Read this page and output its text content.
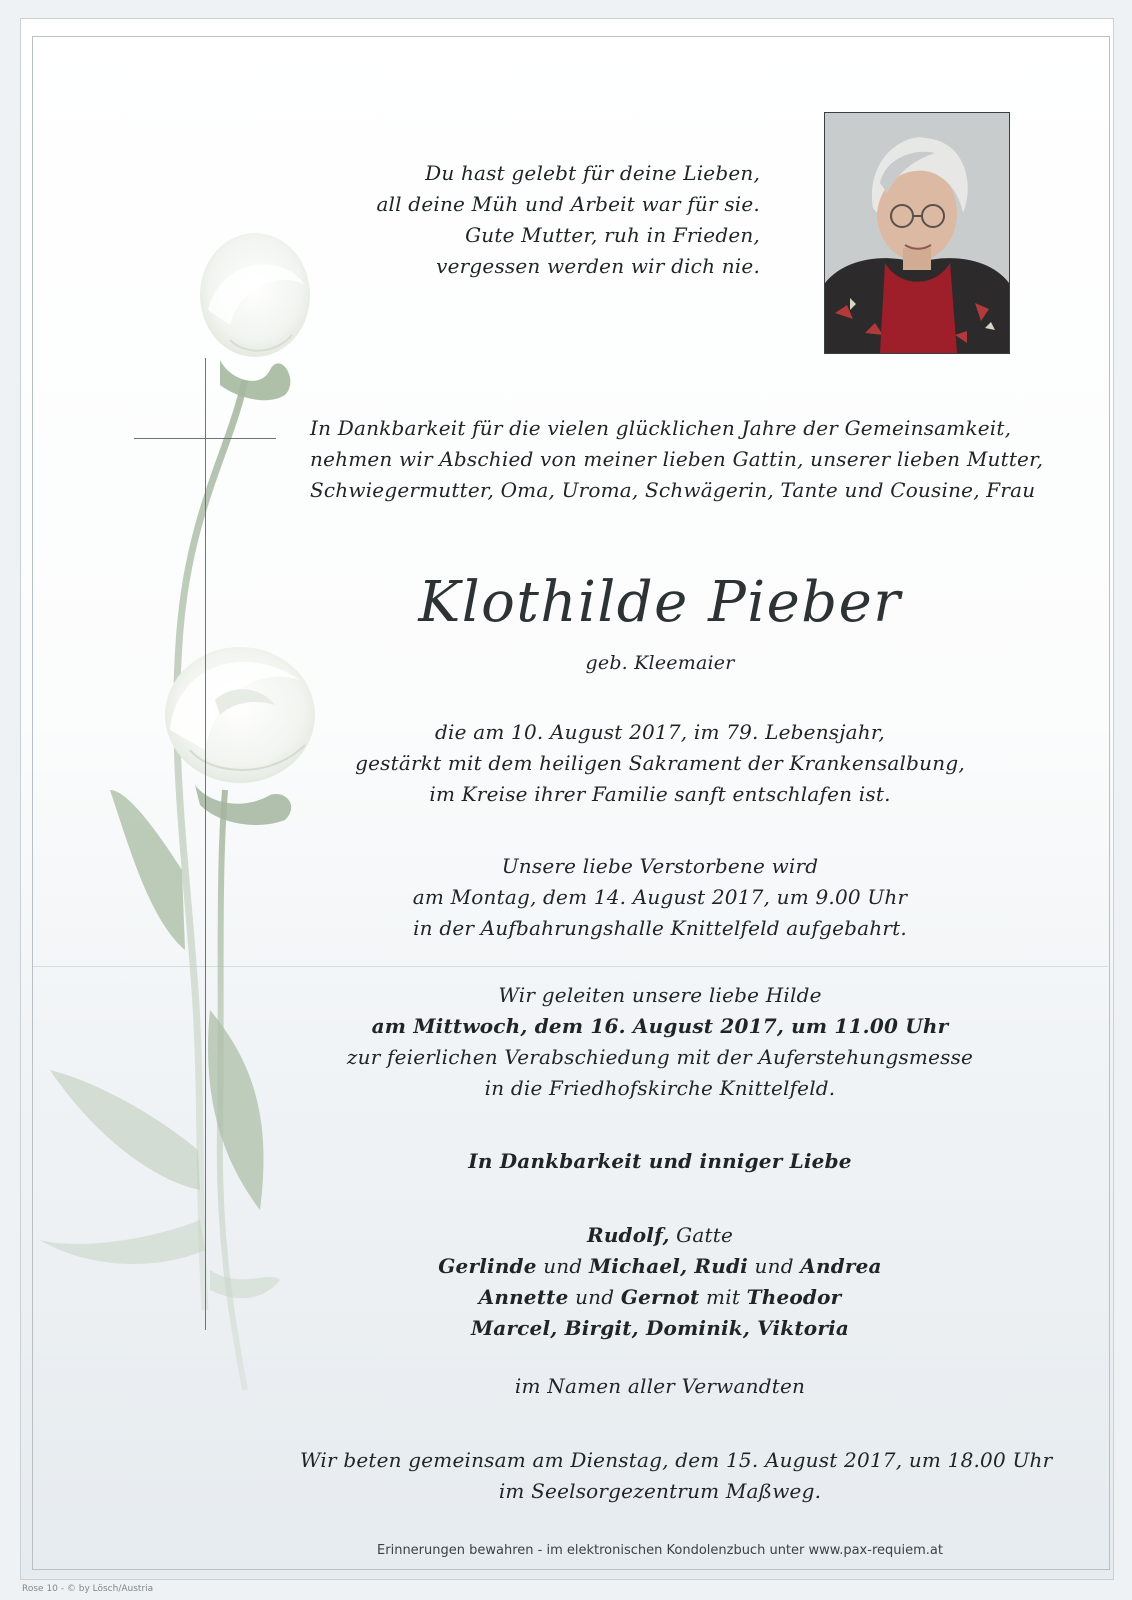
Du hast gelebt für deine Lieben,
all deine Müh und Arbeit war für sie.
Gute Mutter, ruh in Frieden,
vergessen werden wir dich nie.
In Dankbarkeit für die vielen glücklichen Jahre der Gemeinsamkeit,
nehmen wir Abschied von meiner lieben Gattin, unserer lieben Mutter,
Schwiegermutter, Oma, Uroma, Schwägerin, Tante und Cousine, Frau
Klothilde Pieber
geb. Kleemaier
die am 10. August 2017, im 79. Lebensjahr,
gestärkt mit dem heiligen Sakrament der Krankensalbung,
im Kreise ihrer Familie sanft entschlafen ist.
Unsere liebe Verstorbene wird
am Montag, dem 14. August 2017, um 9.00 Uhr
in der Aufbahrungshalle Knittelfeld aufgebahrt.
Wir geleiten unsere liebe Hilde
am Mittwoch, dem 16. August 2017, um 11.00 Uhr
zur feierlichen Verabschiedung mit der Auferstehungsmesse
in die Friedhofskirche Knittelfeld.
In Dankbarkeit und inniger Liebe
Rudolf, Gatte
Gerlinde und Michael, Rudi und Andrea
Annette und Gernot mit Theodor
Marcel, Birgit, Dominik, Viktoria
im Namen aller Verwandten
Wir beten gemeinsam am Dienstag, dem 15. August 2017, um 18.00 Uhr
im Seelsorgezentrum Maßweg.
Erinnerungen bewahren - im elektronischen Kondolenzbuch unter www.pax-requiem.at
Rose 10 - © by Lösch/Austria
